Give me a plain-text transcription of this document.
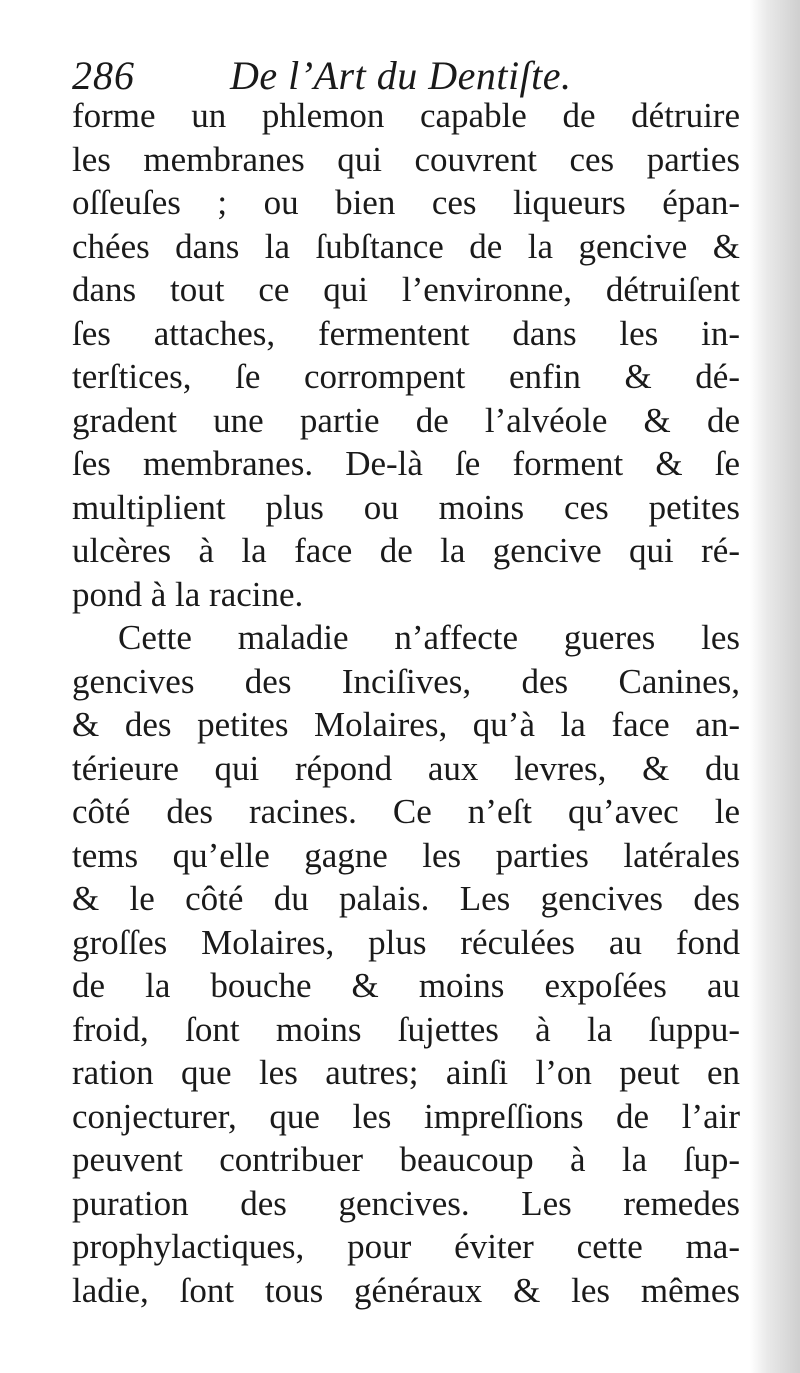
286 De l’Art du Dentiſte.
forme un phlemon capable de détruire
les membranes qui couvrent ces parties
oſſeuſes ; ou bien ces liqueurs épan-
chées dans la ſubſtance de la gencive &
dans tout ce qui l’environne, détruiſent
ſes attaches, fermentent dans les in-
terſtices, ſe corrompent enfin & dé-
gradent une partie de l’alvéole & de
ſes membranes. De-là ſe forment & ſe
multiplient plus ou moins ces petites
ulcères à la face de la gencive qui ré-
pond à la racine.
Cette maladie n’affecte gueres les
gencives des Inciſives, des Canines,
& des petites Molaires, qu’à la face an-
térieure qui répond aux levres, & du
côté des racines. Ce n’eſt qu’avec le
tems qu’elle gagne les parties latérales
& le côté du palais. Les gencives des
groſſes Molaires, plus réculées au fond
de la bouche & moins expoſées au
froid, ſont moins ſujettes à la ſuppu-
ration que les autres; ainſi l’on peut en
conjecturer, que les impreſſions de l’air
peuvent contribuer beaucoup à la ſup-
puration des gencives. Les remedes
prophylactiques, pour éviter cette ma-
ladie, ſont tous généraux & les mêmes
